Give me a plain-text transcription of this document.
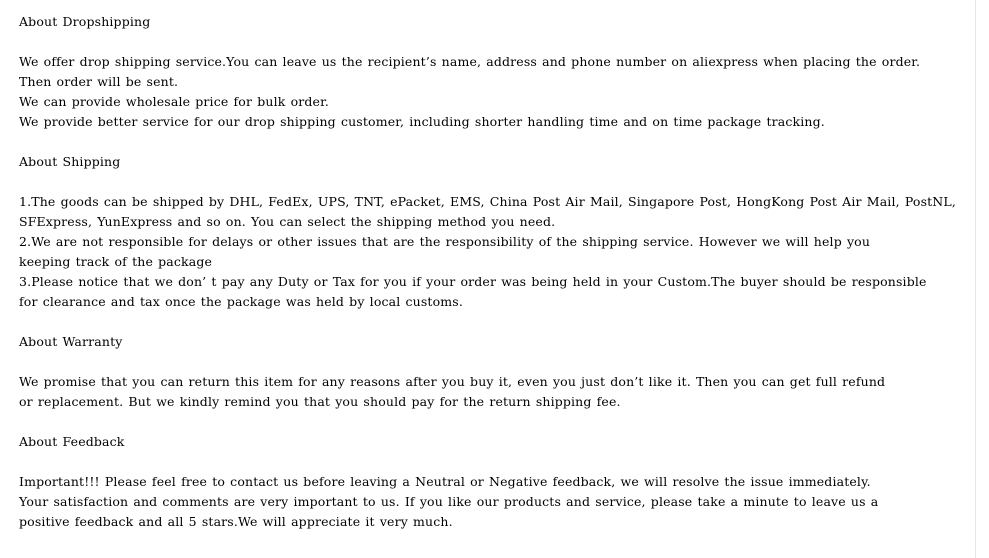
About Dropshipping
We offer drop shipping service.You can leave us the recipient’s name, address and phone number on aliexpress when placing the order.
Then order will be sent.
We can provide wholesale price for bulk order.
We provide better service for our drop shipping customer, including shorter handling time and on time package tracking.
About Shipping
1.The goods can be shipped by DHL, FedEx, UPS, TNT, ePacket, EMS, China Post Air Mail, Singapore Post, HongKong Post Air Mail, PostNL,
SFExpress, YunExpress and so on. You can select the shipping method you need.
2.We are not responsible for delays or other issues that are the responsibility of the shipping service. However we will help you
keeping track of the package
3.Please notice that we don’ t pay any Duty or Tax for you if your order was being held in your Custom.The buyer should be responsible
for clearance and tax once the package was held by local customs.
About Warranty
We promise that you can return this item for any reasons after you buy it, even you just don’t like it. Then you can get full refund
or replacement. But we kindly remind you that you should pay for the return shipping fee.
About Feedback
Important!!! Please feel free to contact us before leaving a Neutral or Negative feedback, we will resolve the issue immediately.
Your satisfaction and comments are very important to us. If you like our products and service, please take a minute to leave us a
positive feedback and all 5 stars.We will appreciate it very much.
